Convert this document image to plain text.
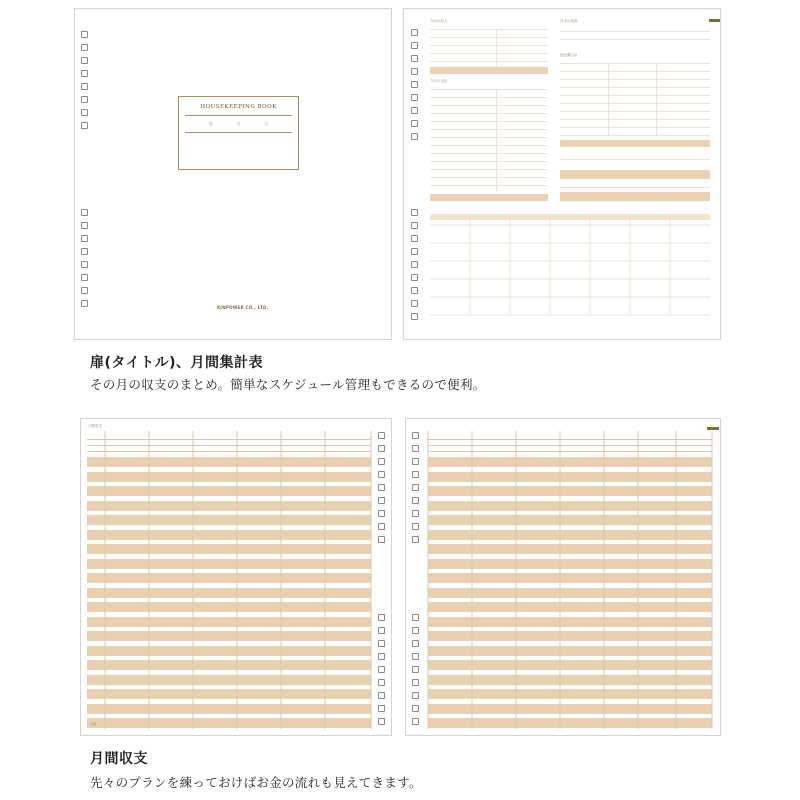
HOUSEKEEPING BOOK
年	月	日
KINPOWER CO., LTD.
今月の収入
今月の支出
月末の残高
固定費合計
扉(タイトル)、月間集計表
その月の収支のまとめ。簡単なスケジュール管理もできるので便利。
月間収支
合計
月間収支
先々のプランを練っておけばお金の流れも見えてきます。
